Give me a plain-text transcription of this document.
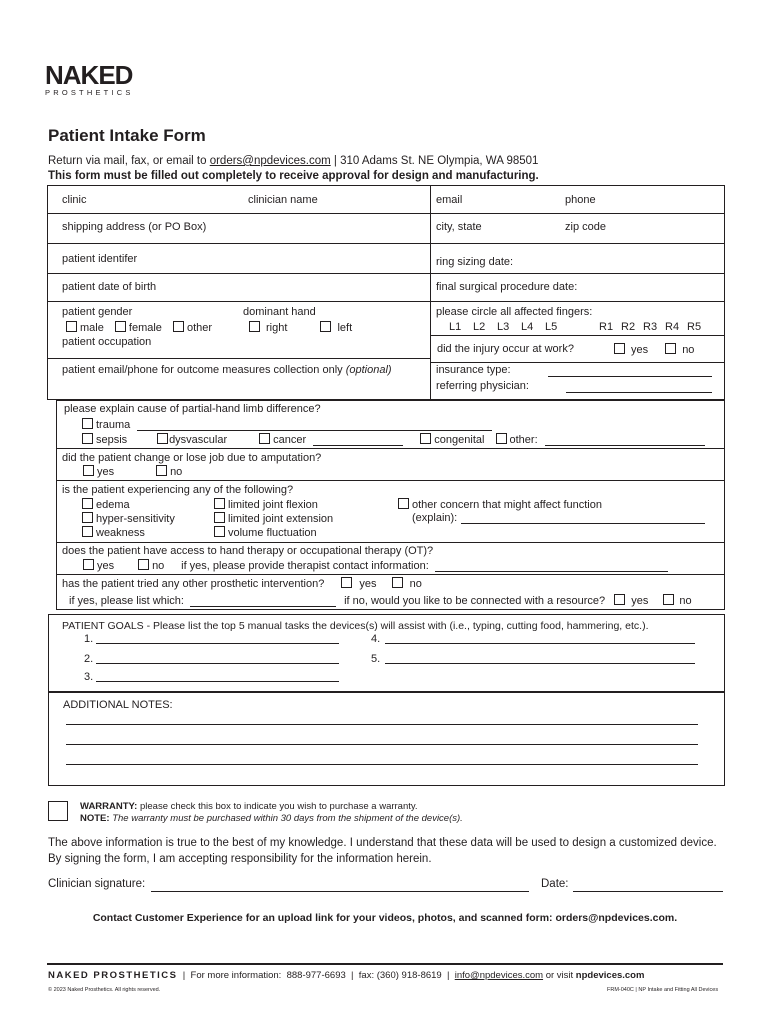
NAKED
PROSTHETICS
Patient Intake Form
Return via mail, fax, or email to orders@npdevices.com | 310 Adams St. NE Olympia, WA 98501
This form must be filled out completely to receive approval for design and manufacturing.
clinic	clinician name	email	phone
shipping address (or PO Box)	city, state	zip code
patient identifer	ring sizing date:
patient date of birth	final surgical procedure date:
patient gender
male female other
dominant hand
right	left
patient occupation
please circle all affected fingers:
L1 L2 L3 L4 L5	R1 R2 R3 R4 R5
did the injury occur at work?	yes	no
patient email/phone for outcome measures collection only (optional)	insurance type:
referring physician:
please explain cause of partial-hand limb difference?
trauma
sepsis	dysvascular	cancer	congenital other:
did the patient change or lose job due to amputation?
yes	no
is the patient experiencing any of the following?
edema
hyper-sensitivity
weakness
limited joint flexion
limited joint extension
volume fluctuation
other concern that might affect function
(explain):
does the patient have access to hand therapy or occupational therapy (OT)?
yes	no if yes, please provide therapist contact information:
has the patient tried any other prosthetic intervention?	yes	no
if yes, please list which:	if no, would you like to be connected with a resource? yes	no
PATIENT GOALS - Please list the top 5 manual tasks the devices(s) will assist with (i.e., typing, cutting food, hammering, etc.).
1.
2.
3.
4.
5.
ADDITIONAL NOTES:
WARRANTY: please check this box to indicate you wish to purchase a warranty.
NOTE: The warranty must be purchased within 30 days from the shipment of the device(s).
The above information is true to the best of my knowledge. I understand that these data will be used to design a customized device. By signing the form, I am accepting responsibility for the information herein.
Clinician signature:	Date:
Contact Customer Experience for an upload link for your videos, photos, and scanned form: orders@npdevices.com.
NAKED PROSTHETICS  |  For more information:  888-977-6693  |  fax: (360) 918-8619  |  info@npdevices.com or visit npdevices.com
© 2023 Naked Prosthetics. All rights reserved.	FRM-040C | NP Intake and Fitting All Devices
